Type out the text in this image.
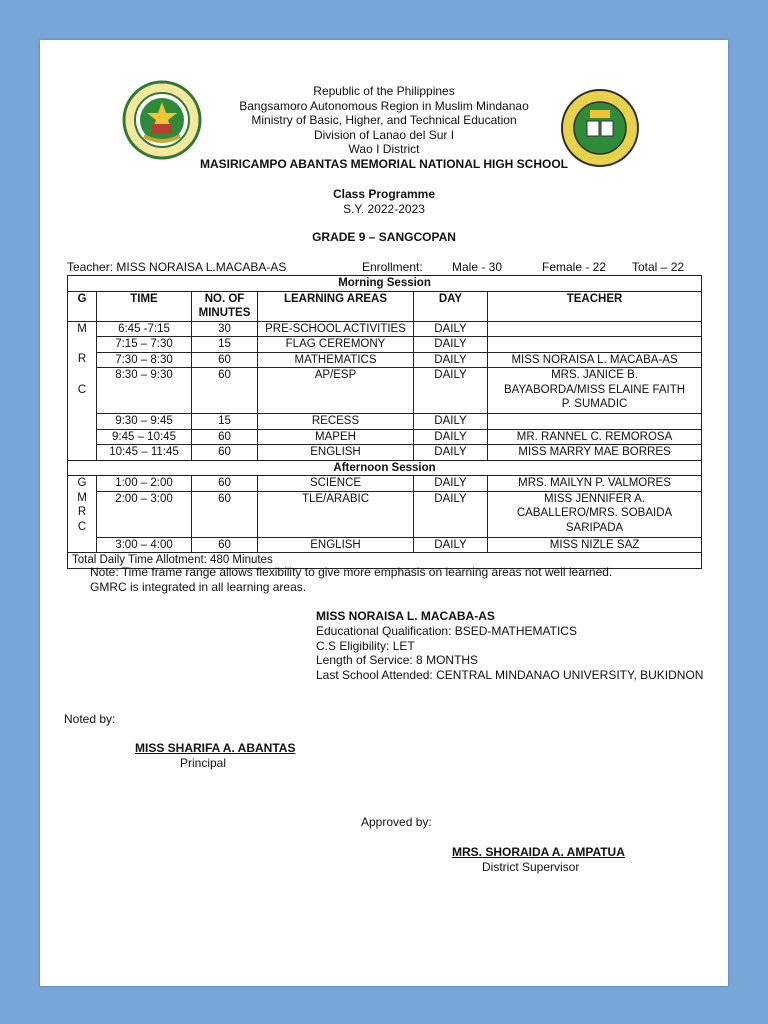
Republic of the Philippines
Bangsamoro Autonomous Region in Muslim Mindanao
Ministry of Basic, Higher, and Technical Education
Division of Lanao del Sur I
Wao I District
MASIRICAMPO ABANTAS MEMORIAL NATIONAL HIGH SCHOOL
Class Programme
S.Y. 2022-2023
GRADE 9 – SANGCOPAN
Teacher: MISS NORAISA L.MACABA-AS	Enrollment: Male - 30	Female - 22 Total – 22
Morning Session					
G	TIME	NO. OF MINUTES	LEARNING AREAS	DAY	TEACHER

M
R
C	6:45 -7:15	30	PRE-SCHOOL ACTIVITIES	DAILY	
	7:15 – 7:30	15	FLAG CEREMONY	DAILY	
	7:30 – 8:30	60	MATHEMATICS	DAILY	MISS NORAISA L. MACABA-AS
	8:30 – 9:30	60	AP/ESP	DAILY	MRS. JANICE B. BAYABORDA/MISS ELAINE FAITH P. SUMADIC
	9:30 – 9:45	15	RECESS	DAILY	
	9:45 – 10:45	60	MAPEH	DAILY	MR. RANNEL C. REMOROSA
	10:45 – 11:45	60	ENGLISH	DAILY	MISS MARRY MAE BORRES
Afternoon Session					

G
M
R
C	1:00 – 2:00	60	SCIENCE	DAILY	MRS. MAILYN P. VALMORES
	2:00 – 3:00	60	TLE/ARABIC	DAILY	MISS JENNIFER A. CABALLERO/MRS. SOBAIDA SARIPADA
	3:00 – 4:00	60	ENGLISH	DAILY	MISS NIZLE SAZ
Total Daily Time Allotment: 480 Minutes					
Note: Time frame range allows flexibility to give more emphasis on learning areas not well learned.
GMRC is integrated in all learning areas.
MISS NORAISA L. MACABA-AS
Educational Qualification: BSED-MATHEMATICS
C.S Eligibility: LET
Length of Service: 8 MONTHS
Last School Attended: CENTRAL MINDANAO UNIVERSITY, BUKIDNON
Noted by:
MISS SHARIFA A. ABANTAS
Principal
Approved by:
MRS. SHORAIDA A. AMPATUA
District Supervisor
